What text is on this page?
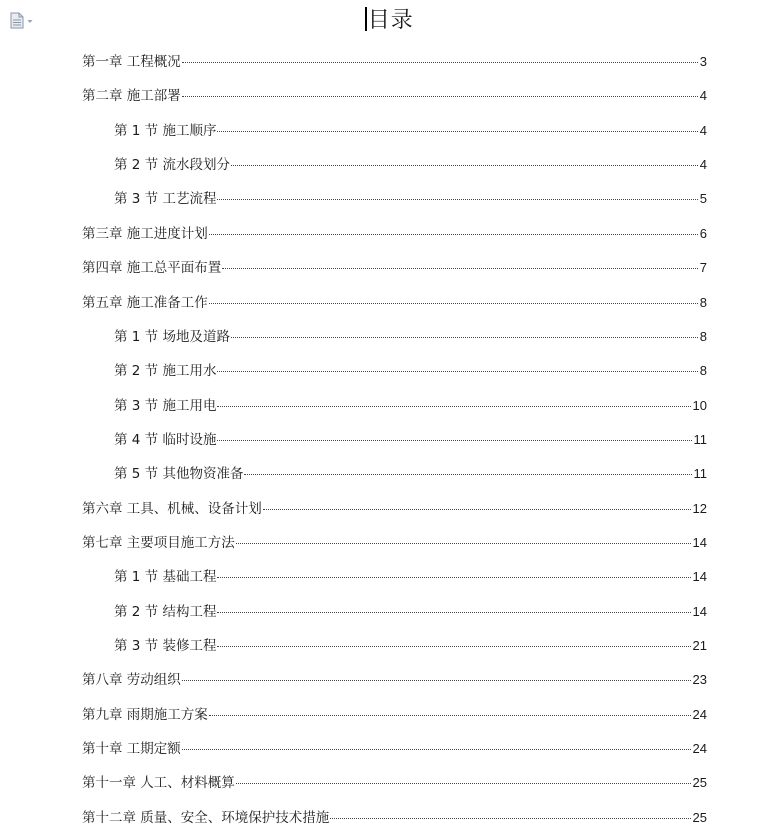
目录
第一章 工程概况	3
第二章 施工部署	4
第 1 节 施工顺序	4
第 2 节 流水段划分	4
第 3 节 工艺流程	5
第三章 施工进度计划	6
第四章 施工总平面布置	7
第五章 施工准备工作	8
第 1 节 场地及道路	8
第 2 节 施工用水	8
第 3 节 施工用电	10
第 4 节 临时设施	11
第 5 节 其他物资准备	11
第六章 工具、机械、设备计划	12
第七章 主要项目施工方法	14
第 1 节 基础工程	14
第 2 节 结构工程	14
第 3 节 装修工程	21
第八章 劳动组织	23
第九章 雨期施工方案	24
第十章 工期定额	24
第十一章 人工、材料概算	25
第十二章 质量、安全、环境保护技术措施	25
